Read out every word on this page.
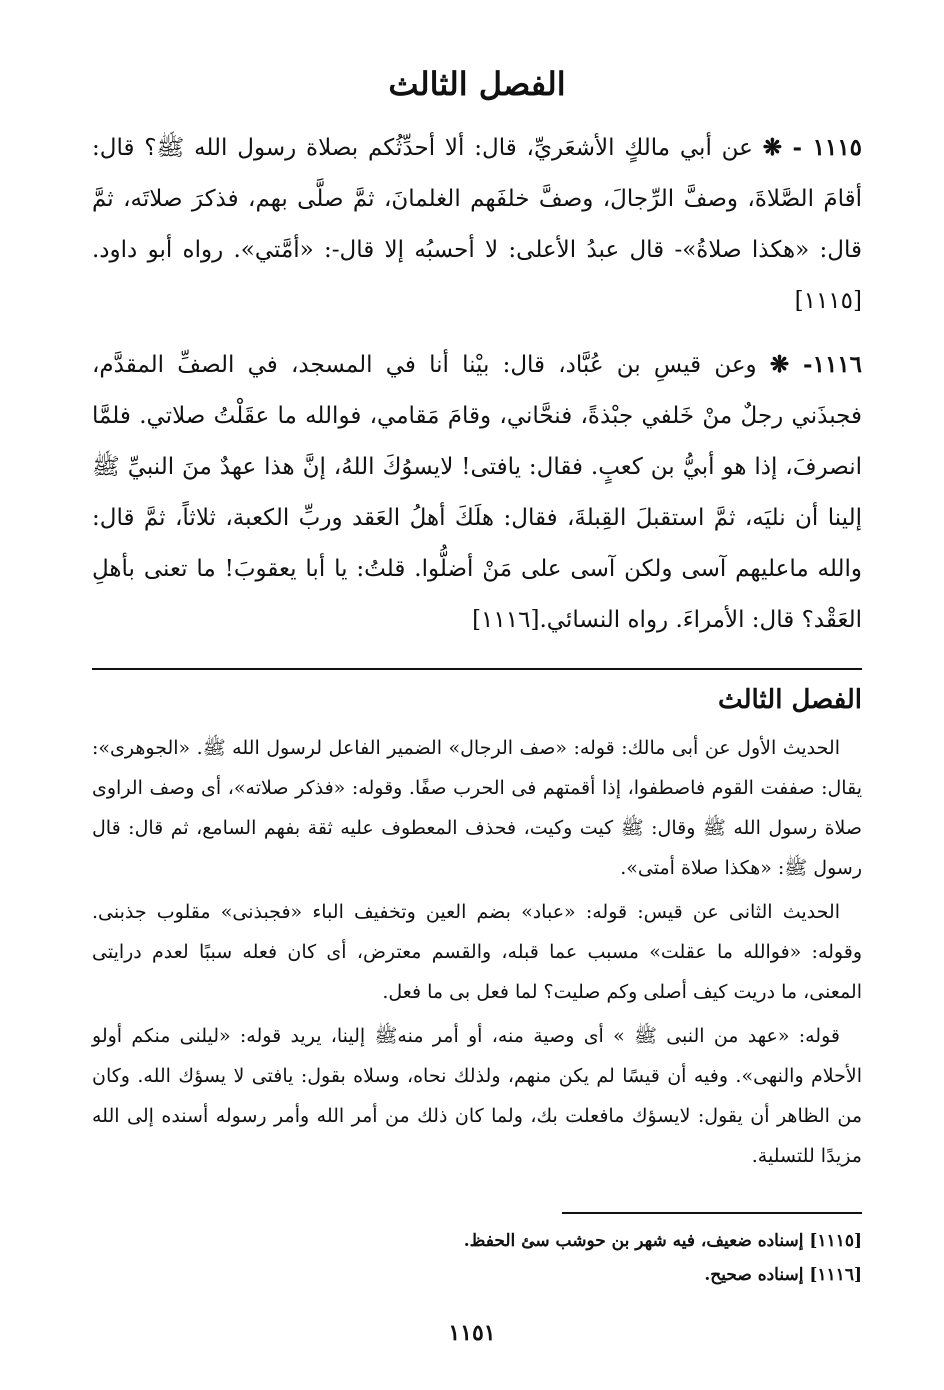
الفصل الثالث

١١١٥ - ❋ عن أبي مالكٍ الأشعَريِّ، قال: ألا أحدِّثُكم بصلاة رسول الله ﷺ؟ قال: أقامَ الصَّلاةَ، وصفَّ الرِّجالَ، وصفَّ خلفَهم الغلمانَ، ثمَّ صلَّى بهم، فذكرَ صلاتَه، ثمَّ قال: «هكذا صلاةُ»- قال عبدُ الأعلى: لا أحسبُه إلا قال-: «أمَّتي». رواه أبو داود.[١١١٥]

١١١٦- ❋ وعن قيسِ بن عُبَّاد، قال: بيْنا أنا في المسجد، في الصفِّ المقدَّم، فجبذَني رجلٌ منْ خَلفي جبْذةً، فنحَّاني، وقامَ مَقامي، فوالله ما عقَلْتُ صلاتي. فلمَّا انصرفَ، إذا هو أبيُّ بن كعبٍ. فقال: يافتى! لايسوُكَ اللهُ، إنَّ هذا عهدٌ منَ النبيِّ ﷺ إلينا أن نليَه، ثمَّ استقبلَ القِبلةَ، فقال: هلَكَ أهلُ العَقد وربِّ الكعبة، ثلاثاً، ثمَّ قال: والله ماعليهم آسى ولكن آسى على مَنْ أضلُّوا. قلتُ: يا أبا يعقوبَ! ما تعنى بأهلِ العَقْد؟ قال: الأمراءَ. رواه النسائي.[١١١٦]

الفصل الثالث

الحديث الأول عن أبى مالك: قوله: «صف الرجال» الضمير الفاعل لرسول الله ﷺ. «الجوهرى»: يقال: صففت القوم فاصطفوا، إذا أقمتهم فى الحرب صفًا. وقوله: «فذكر صلاته»، أى وصف الراوى صلاة رسول الله ﷺ وقال: ﷺ كيت وكيت، فحذف المعطوف عليه ثقة بفهم السامع، ثم قال: قال رسول ﷺ: «هكذا صلاة أمتى».

الحديث الثانى عن قيس: قوله: «عباد» بضم العين وتخفيف الباء «فجبذنى» مقلوب جذبنى. وقوله: «فوالله ما عقلت» مسبب عما قبله، والقسم معترض، أى كان فعله سببًا لعدم درايتى المعنى، ما دريت كيف أصلى وكم صليت؟ لما فعل بى ما فعل.

قوله: «عهد من النبى ﷺ » أى وصية منه، أو أمر منهﷺ إلينا، يريد قوله: «ليلنى منكم أولو الأحلام والنهى». وفيه أن قيسًا لم يكن منهم، ولذلك نحاه، وسلاه بقول: يافتى لا يسؤك الله. وكان من الظاهر أن يقول: لايسؤك مافعلت بك، ولما كان ذلك من أمر الله وأمر رسوله أسنده إلى الله مزيدًا للتسلية.

[١١١٥] إسناده ضعيف، فيه شهر بن حوشب سئ الحفظ.

[١١١٦] إسناده صحيح.

١١٥١
